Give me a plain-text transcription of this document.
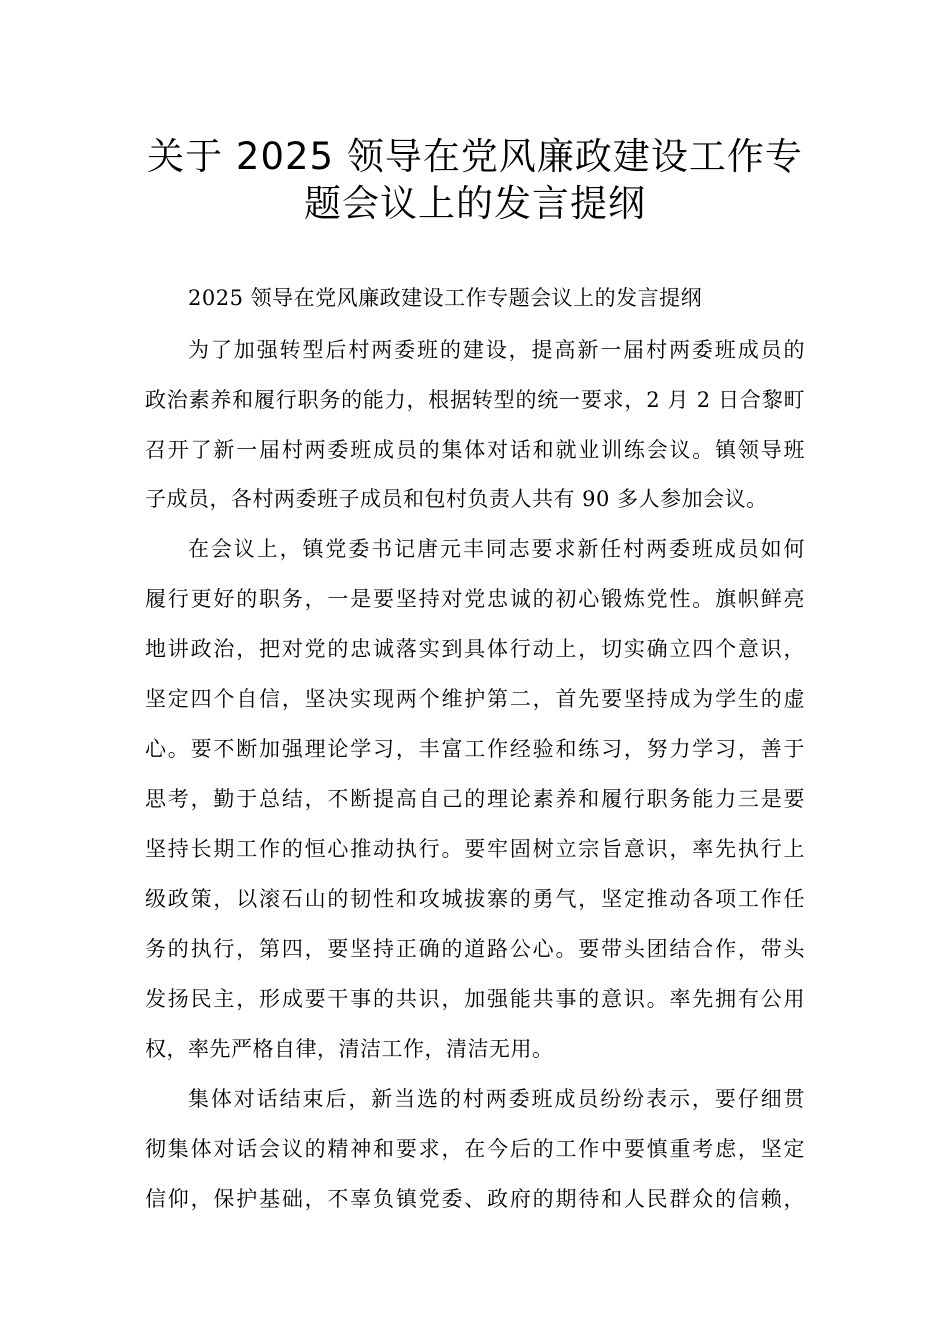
关于 2025 领导在党风廉政建设工作专
题会议上的发言提纲
2025 领导在党风廉政建设工作专题会议上的发言提纲
为了加强转型后村两委班的建设，提高新一届村两委班成员的
政治素养和履行职务的能力，根据转型的统一要求，2 月 2 日合黎町
召开了新一届村两委班成员的集体对话和就业训练会议。镇领导班
子成员，各村两委班子成员和包村负责人共有 90 多人参加会议。
在会议上，镇党委书记唐元丰同志要求新任村两委班成员如何
履行更好的职务，一是要坚持对党忠诚的初心锻炼党性。旗帜鲜亮
地讲政治，把对党的忠诚落实到具体行动上，切实确立四个意识，
坚定四个自信，坚决实现两个维护第二，首先要坚持成为学生的虚
心。要不断加强理论学习，丰富工作经验和练习，努力学习，善于
思考，勤于总结，不断提高自己的理论素养和履行职务能力三是要
坚持长期工作的恒心推动执行。要牢固树立宗旨意识，率先执行上
级政策，以滚石山的韧性和攻城拔寨的勇气，坚定推动各项工作任
务的执行，第四，要坚持正确的道路公心。要带头团结合作，带头
发扬民主，形成要干事的共识，加强能共事的意识。率先拥有公用
权，率先严格自律，清洁工作，清洁无用。
集体对话结束后，新当选的村两委班成员纷纷表示，要仔细贯
彻集体对话会议的精神和要求，在今后的工作中要慎重考虑，坚定
信仰，保护基础，不辜负镇党委、政府的期待和人民群众的信赖，
